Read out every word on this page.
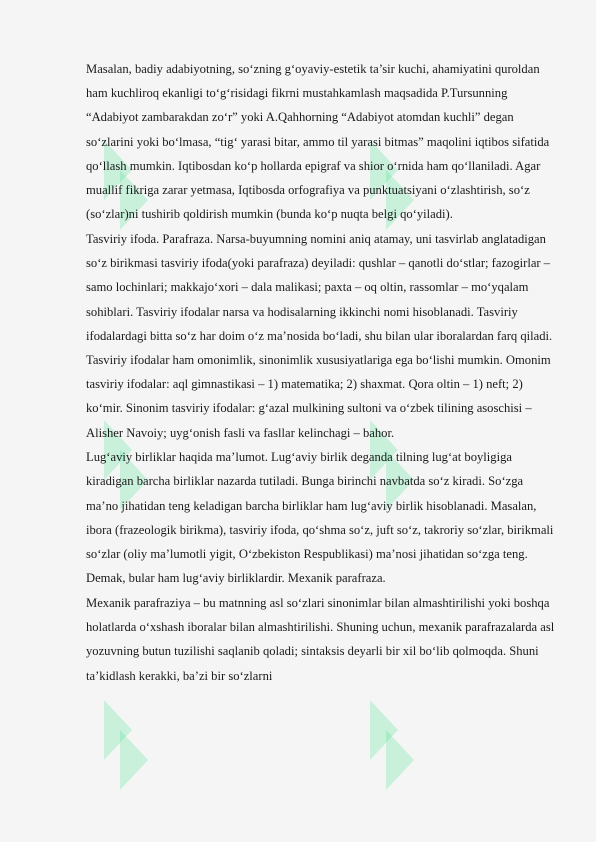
Masalan, badiy adabiyotning, so‘zning g‘oyaviy-estetik ta’sir kuchi, ahamiyatini quroldan ham kuchliroq ekanligi to‘g‘risidagi fikrni mustahkamlash maqsadida P.Tursunning “Adabiyot zambarakdan zo‘r” yoki A.Qahhorning “Adabiyot atomdan kuchli” degan so‘zlarini yoki bo‘lmasa, “tig‘ yarasi bitar, ammo til yarasi bitmas” maqolini iqtibos sifatida qo‘llash mumkin. Iqtibosdan ko‘p hollarda epigraf va shior o‘rnida ham qo‘llaniladi. Agar muallif fikriga zarar yetmasa, Iqtibosda orfografiya va punktuatsiyani o‘zlashtirish, so‘z (so‘zlar)ni tushirib qoldirish mumkin (bunda ko‘p nuqta belgi qo‘yiladi).

Tasviriy ifoda. Parafraza. Narsa-buyumning nomini aniq atamay, uni tasvirlab anglatadigan so‘z birikmasi tasviriy ifoda(yoki parafraza) deyiladi: qushlar – qanotli do‘stlar; fazogirlar – samo lochinlari; makkajo‘xori – dala malikasi; paxta – oq oltin, rassomlar – mo‘yqalam sohiblari. Tasviriy ifodalar narsa va hodisalarning ikkinchi nomi hisoblanadi. Tasviriy ifodalardagi bitta so‘z har doim o‘z ma’nosida bo‘ladi, shu bilan ular iboralardan farq qiladi. Tasviriy ifodalar ham omonimlik, sinonimlik xususiyatlariga ega bo‘lishi mumkin. Omonim tasviriy ifodalar: aql gimnastikasi – 1) matematika; 2) shaxmat. Qora oltin – 1) neft; 2) ko‘mir. Sinonim tasviriy ifodalar: g‘azal mulkining sultoni va o‘zbek tilining asoschisi – Alisher Navoiy; uyg‘onish fasli va fasllar kelinchagi – bahor.

Lug‘aviy birliklar haqida ma’lumot. Lug‘aviy birlik deganda tilning lug‘at boyligiga kiradigan barcha birliklar nazarda tutiladi. Bunga birinchi navbatda so‘z kiradi. So‘zga ma’no jihatidan teng keladigan barcha birliklar ham lug‘aviy birlik hisoblanadi. Masalan, ibora (frazeologik birikma), tasviriy ifoda, qo‘shma so‘z, juft so‘z, takroriy so‘zlar, birikmali so‘zlar (oliy ma’lumotli yigit, O‘zbekiston Respublikasi) ma’nosi jihatidan so‘zga teng. Demak, bular ham lug‘aviy birliklardir. Mexanik parafraza.

Mexanik parafraziya – bu matnning asl so‘zlari sinonimlar bilan almashtirilishi yoki boshqa holatlarda o‘xshash iboralar bilan almashtirilishi. Shuning uchun, mexanik parafrazalarda asl yozuvning butun tuzilishi saqlanib qoladi; sintaksis deyarli bir xil bo‘lib qolmoqda. Shuni ta’kidlash kerakki, ba’zi bir so‘zlarni
